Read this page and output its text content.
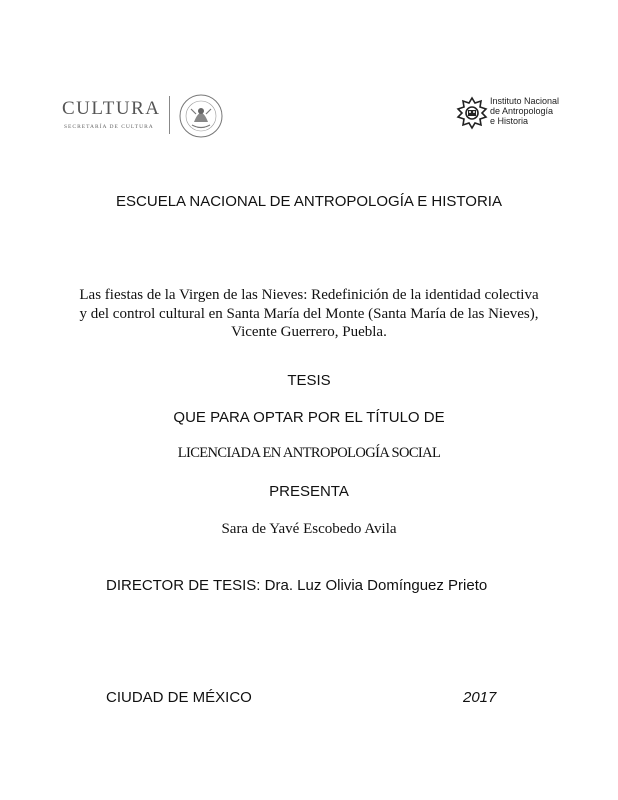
CULTURA
SECRETARÍA DE CULTURA
Instituto Nacional
de Antropología
e Historia
ESCUELA NACIONAL DE ANTROPOLOGÍA E HISTORIA
Las fiestas de la Virgen de las Nieves: Redefinición de la identidad colectiva
y del control cultural en Santa María del Monte (Santa María de las Nieves),
Vicente Guerrero, Puebla.
TESIS
QUE PARA OPTAR POR EL TÍTULO DE
LICENCIADA EN ANTROPOLOGÍA SOCIAL
PRESENTA
Sara de Yavé Escobedo Avila
DIRECTOR DE TESIS: Dra. Luz Olivia Domínguez Prieto
CIUDAD DE MÉXICO	2017
